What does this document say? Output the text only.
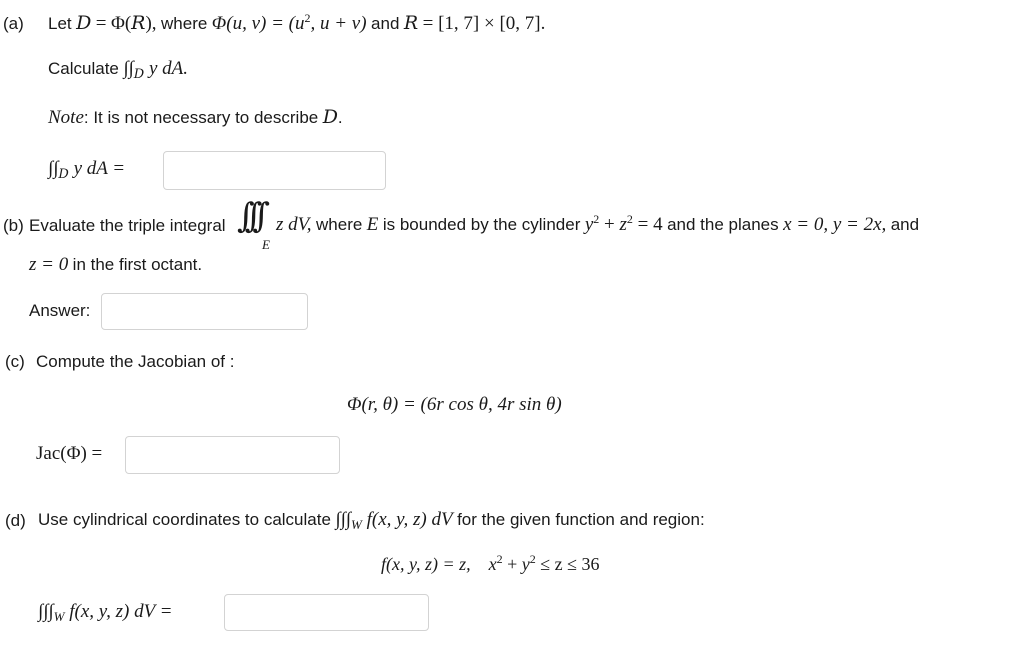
(a) Let D = Φ(R), where Φ(u, $v) = (u^2$, u + v) and R = [1, 7] × [0, 7].
Calculate $\int\int_D$ y dA.
Note: It is not necessary to describe D.
$\int\int_D$ y dA =
(b) Evaluate the triple integral ∫∫∫
E
z dV, where E is bounded by the cylinder $y^2 + z^2 = 4$ and the planes x = 0, y = 2x, and
z = 0 in the first octant.
Answer:
(c) Compute the Jacobian of :
Φ(r, θ) = (6r cos θ, 4r sin θ)
Jac(Φ) =
(d) Use cylindrical coordinates to calculate $\int\int\int_W$ f(x, y, z) dV for the given function and region:
f(x, y, z) = z, $x^2 + y^2 \le z \le 36$
$\int\int\int_W$ f(x, y, z) dV =
